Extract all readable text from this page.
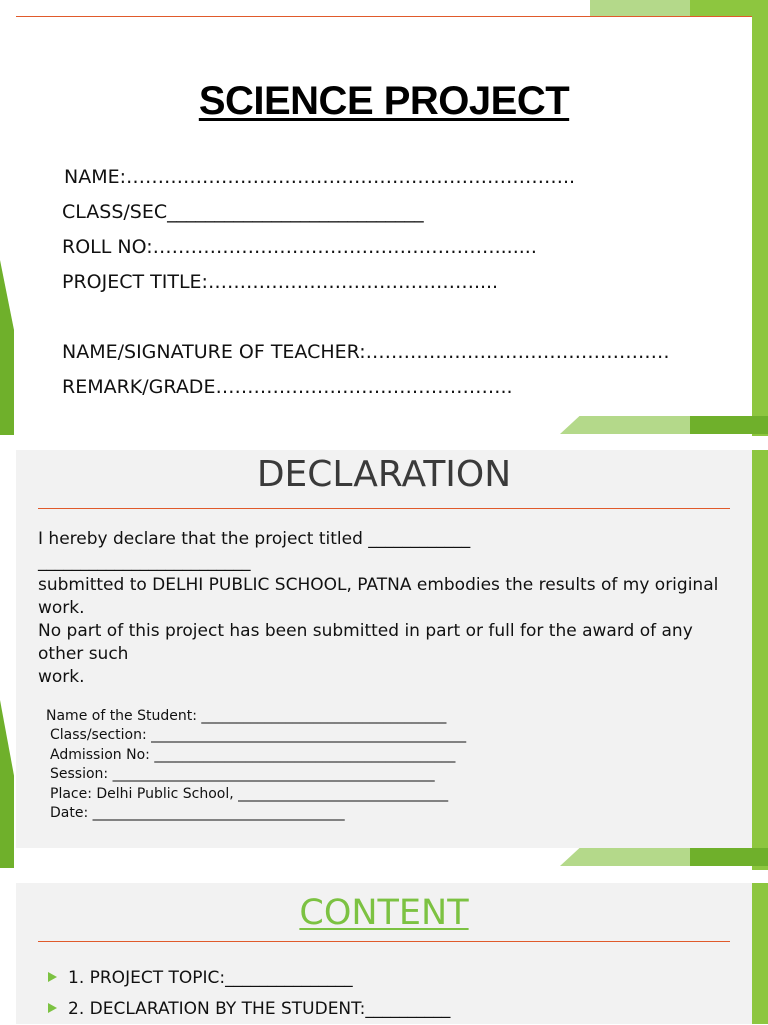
SCIENCE PROJECT
NAME:……………………………………………………………..
CLASS/SEC___________________________
ROLL NO:……………………………………………….......
PROJECT TITLE:……………………………………....
NAME/SIGNATURE OF TEACHER:…………………………………………
REMARK/GRADE………………………………………..
DECLARATION
I hereby declare that the project titled ____________
_________________________
submitted to DELHI PUBLIC SCHOOL, PATNA embodies the results of my original
work.
No part of this project has been submitted in part or full for the award of any
other such
work.
Name of the Student: ___________________________________
Class/section: _____________________________________________
Admission No: ___________________________________________
Session: ______________________________________________
Place: Delhi Public School, ______________________________
Date: ____________________________________
CONTENT
1. PROJECT TOPIC:_______________
2. DECLARATION BY THE STUDENT:__________
